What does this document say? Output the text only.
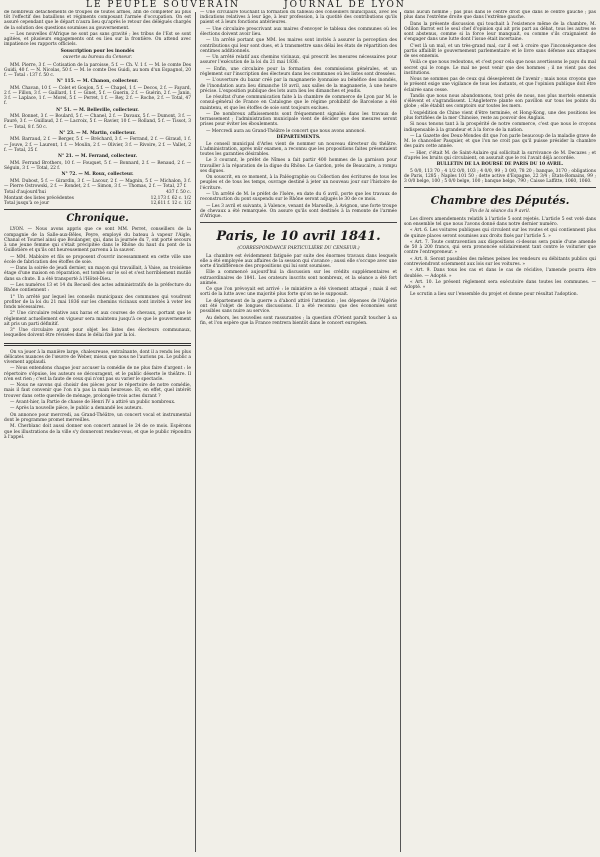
LE PEUPLE SOUVERAIN	JOURNAL DE LYON

de nombreux détachements de troupes de toutes armes, afin de compléter au plus tôt l'effectif des bataillons et régiments composant l'armée d'occupation. On est assuré cependant que le départ n'aura lieu qu'après le retour des délégués chargés de la solution des questions soumises au gouvernement.

— Les nouvelles d'Afrique ne sont pas sans gravité ; les tribus de l'Est se sont agitées, et plusieurs engagements ont eu lieu sur la frontière. On attend avec impatience les rapports officiels.

Souscription pour les inondés
ouverte au bureau du Censeur.

MM. Pierre, 3 f. — Cotisation de la paroisse, 5 f. — Ch. V. 1 f. — M. le comte Des Guidi, 40 f. — N. Nicolas, 50 f. — M. le comte Des Guidi, au nom d'un Espagnol, 20 f. — Total : 137 f. 50 c.

N° 115. — M. Chanon, collecteur.

MM. Chavan, 10 f. — Colet et Goujon, 5 f. — Chapel, 1 f. — Decos, 2 f. — Fayard, 2 f. — Fillon, 3 f. — Gaillard, 1 f. — Ginet, 5 f. — Guerin, 2 f. — Guérin, 2 f. — Janin, 3 f. — Laplace, 1 f. — Morel, 5 f. — Perret, 1 f. — Rey, 2 f. — Roche, 2 f. — Total, 47 f.

N° 51. — M. Belleville, collecteur.

MM. Bonnet, 3 f. — Boulard, 5 f. — Chanel, 2 f. — Davaux, 5 f. — Dumont, 3 f. — Fauré, 3 f. — Guillaud, 2 f. — Lacroix, 5 f. — Ravier, 10 f. — Rolland, 5 f. — Tissot, 3 f. — Total, 8 f. 50 c.

N° 23. — M. Martin, collecteur.

MM. Barraud, 2 f. — Berger, 5 f. — Bréchard, 3 f. — Ferrand, 2 f. — Giraud, 1 f. — Jouve, 2 f. — Laurent, 1 f. — Moulin, 2 f. — Olivier, 3 f. — Rivoire, 2 f. — Vallet, 2 f. — Total, 25 f.

N° 21. — M. Ferrand, collecteur.

MM. Ferrand Brothers, 10 f. — Fouquet, 5 f. — Bonnard, 2 f. — Renaud, 2 f. — Séguin, 3 f. — Total, 22 f.

N° 72. — M. Roux, collecteur.

MM. Dubost, 5 f. — Girardin, 3 f. — Lacour, 2 f. — Magnin, 5 f. — Michalon, 3 f. — Pierre Ostrowski, 2 f. — Rondet, 2 f. — Simon, 3 f. — Thomas, 2 f. — Total, 27 f.

Total d'aujourd'hui	437 f. 50 c.
Montant des listes précédentes	12,173 f. 62 c. 1/2
Total jusqu'à ce jour	12,611 f. 12 c. 1/2
Chronique.

LYON. — Nous avons appris que ce sont MM. Perret, conseillers de la compagnie de la Salle-aux-Bêles, Peyre, employé du bateau à vapeur l'Aigle, Chanal et Tournel ainsi que Boulanger, qui, dans la journée du 7, ont porté secours à une jeune femme qui s'était précipitée dans le Rhône du haut du pont de la Guillotière et qu'ils ont heureusement parvenu à la sauver.

— MM. Mabloire et fils se proposent d'ouvrir incessamment en cette ville une école de fabrication des étoffes de soie.

— Dans la soirée de jeudi dernier, un maçon qui travaillait, à Vaise, au troisième étage d'une maison en réparation, est tombé sur le sol et s'est horriblement mutilé dans sa chute. Il a été transporté à l'Hôtel-Dieu.

— Les numéros 13 et 14 du Recueil des actes administratifs de la préfecture du Rhône contiennent :

1° Un arrêté par lequel les conseils municipaux des communes qui voudront profiter de la loi du 21 mai 1836 sur les chemins vicinaux sont invités à voter les fonds nécessaires.

2° Une circulaire relative aux haras et aux courses de chevaux, portant que le règlement actuellement en vigueur sera maintenu jusqu'à ce que le gouvernement ait pris un parti définitif.

3° Une circulaire ayant pour objet les listes des électeurs communaux, lesquelles doivent être révisées dans le délai fixé par la loi.

On va jouer à la manière large, chaleureuse, entraînante, dont il a rendu les plus délicates nuances de l'œuvre de Weber, mieux que nous ne l'aurions pu. Le public a vivement applaudi.

— Nous entendons chaque jour accuser la comédie de ne plus faire d'argent : le répertoire s'épuise, les auteurs se découragent, et le public déserte le théâtre. Il n'en est rien ; c'est la faute de ceux qui n'ont pas su varier le spectacle.

— Nous ne savons qui choisir des pièces pour le répertoire de notre comédie, mais il faut convenir que l'on n'a pas la main heureuse. Et, en effet, quel intérêt trouver dans cette querelle de ménage, prolongée trois actes durant ?

— Avant-hier, la Partie de chasse de Henri IV a attiré un public nombreux.

— Après la nouvelle pièce, le public a demandé les auteurs.

On annonce pour mercredi, au Grand-Théâtre, un concert vocal et instrumental dont le programme promet merveilles.

M. Cherblanc doit aussi donner son concert annuel le 24 de ce mois. Espérons que les illustrations de la ville s'y donneront rendez-vous, et que le public répondra à l'appel.

— Une circulaire touchant la formation du tableau des conseillers municipaux, avec les indications relatives à leur âge, à leur profession, à la quotité des contributions qu'ils paient et à leurs fonctions antérieures.

— Une circulaire prescrivant aux maires d'envoyer le tableau des communes où les élections doivent avoir lieu.

— Un arrêté portant que MM. les maires sont invités à assurer la perception des contributions qui leur sont dues, et à transmettre sans délai les états de répartition des centimes additionnels.

— Un arrêté relatif aux chemins vicinaux, qui prescrit les mesures nécessaires pour assurer l'exécution de la loi du 21 mai 1836.

— Enfin, une circulaire pour la formation des commissions générales, et un règlement sur l'inscription des électeurs dans les communes où les listes sont dressées.

— L'ouverture du bazar créé par la magnanerie lyonnaise au bénéfice des inondés, de l'inondation aura lieu dimanche 18 avril, aux salles de la magnanerie, à une heure précise. L'exposition publique des lots aura lieu les dimanches et jeudis.

Le résultat d'une communication faite à la chambre de commerce de Lyon par M. le consul-général de France en Catalogne que le régime prohibitif de Barcelone a été maintenu, et que les étoffes de soie sont toujours exclues.

— De nombreux affaissements sont fréquemment signalés dans les travaux de terrassement ; l'administration municipale vient de décider que des mesures seront prises pour éviter les éboulements.

— Mercredi aura au Grand-Théâtre le concert que nous avons annoncé.

DÉPARTEMENTS.

Le conseil municipal d'Arles vient de nommer un nouveau directeur du théâtre. L'administration, après mûr examen, a reconnu que les propositions faites présentaient toutes les garanties désirables.

Le 3 courant, le préfet de Nîmes a fait partir 400 hommes de la garnison pour travailler à la réparation de la digue du Rhône. Le Gardon, près de Beaucaire, a rompu ses digues.

On souscrit, en ce moment, à la Paléographie ou Collection des écritures de tous les peuples et de tous les temps, ouvrage destiné à jeter un nouveau jour sur l'histoire de l'écriture.

— Un arrêté de M. le préfet de l'Isère, en date du 6 avril, porte que les travaux de reconstruction du pont suspendu sur le Rhône seront adjugés le 30 de ce mois.

— Les 3 avril et suivants, à Valence, venant de Marseille, à Avignon, une forte troupe de chevaux a été remarquée. On assure qu'ils sont destinés à la remonte de l'armée d'Afrique.

Paris, le 10 avril 1841.
(CORRESPONDANCE PARTICULIÈRE DU CENSEUR.)

La chambre est évidemment fatiguée par suite des énormes travaux dans lesquels elle a été employée aux affaires de la session qui s'avance ; aussi elle s'occupe avec une sorte d'indifférence des propositions qui lui sont soumises.

Elle a commencé aujourd'hui la discussion sur les crédits supplémentaires et extraordinaires de 1841. Les orateurs inscrits sont nombreux, et la séance a été fort animée.

Ce que l'on prévoyait est arrivé : le ministère a été vivement attaqué ; mais il est sorti de la lutte avec une majorité plus forte qu'on ne le supposait.

Le département de la guerre a d'abord attiré l'attention ; les dépenses de l'Algérie ont été l'objet de longues discussions. Il a été reconnu que des économies sont possibles sans nuire au service.

Au dehors, les nouvelles sont rassurantes ; la question d'Orient paraît toucher à sa fin, et l'on espère que la France rentrera bientôt dans le concert européen.

dans aucun homme ; pas plus dans le centre droit que dans le centre gauche ; pas plus dans l'extrême droite que dans l'extrême gauche.

Dans la présente discussion qui touchait à l'existence même de la chambre, M. Odilon Barrot est le seul chef d'opinion qui ait pris part au débat, tous les autres se sont abstenus, comme si la force leur manquait, ou comme s'ils craignaient de s'engager dans une lutte dont l'issue était incertaine.

C'est là un mal, et un très-grand mal, car il est à croire que l'inconséquence des partis affaiblit le gouvernement parlementaire et le livre sans défense aux attaques de ses ennemis.

Voilà ce que nous redoutons, et c'est pour cela que nous avertissons le pays du mal secret qui le ronge. Le mal ne peut venir que des hommes ; il ne vient pas des institutions.

Nous ne sommes pas de ceux qui désespèrent de l'avenir ; mais nous croyons que le présent exige une vigilance de tous les instants, et que l'opinion publique doit être éclairée sans cesse.

Tandis que nous nous abandonnons, tout près de nous, nos plus mortels ennemis s'élèvent et s'agrandissent. L'Angleterre plante son pavillon sur tous les points du globe ; elle établit ses comptoirs sur toutes les mers.

L'expédition de Chine vient d'être terminée, et Hong-Kong, une des positions les plus fortifiées de la mer Chinoise, reste au pouvoir des Anglais.

Si nous tenons tant à la prospérité de notre commerce, c'est que nous le croyons indispensable à la grandeur et à la force de la nation.

— La Gazette des Deux-Mondes dit que l'on parle beaucoup de la maladie grave de M. le chancelier Pasquier, et que l'on ne croit pas qu'il puisse présider la chambre des pairs cette année.

— Hier, c'était M. de Saint-Aulaire qui sollicitait la survivance de M. Decazes ; et d'après les bruits qui circulaient, on assurait que le roi l'avait déjà accordée.

BULLETIN DE LA BOURSE DE PARIS DU 10 AVRIL.

5 0/0, 113 70 ; 4 1/2 0/0, 103 ; 4 0/0, 99 ; 3 0/0, 78 20 ; banque, 3170 ; obligations de Paris, 1285 ; Naples 101 50 ; dette active d'Espagne, 22 3/4 ; États-Romains, 99 ; 3 0/0 belge, 100 ; 5 0/0 belge, 100 ; banque belge, 790 ; Caisse Laffitte, 1060, 1060.

Chambre des Députés.
Fin de la séance du 9 avril.

Les divers amendements relatifs à l'article 5 sont rejetés. L'article 5 est voté dans son ensemble tel que nous l'avons donné dans notre dernier numéro.

« Art. 6. Les voitures publiques qui circulent sur les routes et qui contiennent plus de quinze places seront soumises aux droits fixés par l'article 5. »

« Art. 7. Toute contravention aux dispositions ci-dessus sera punie d'une amende de 50 à 200 francs, qui sera prononcée solidairement tant contre le voiturier que contre l'entrepreneur. »

« Art. 8. Seront passibles des mêmes peines les vendeurs ou débitants publics qui contreviendront sciemment aux lois sur les voitures. »

« Art. 9. Dans tous les cas et dans le cas de récidive, l'amende pourra être doublée. — Adopté. »

« Art. 10. Le présent règlement sera exécutoire dans toutes les communes. — Adopté. »

Le scrutin a lieu sur l'ensemble du projet et donne pour résultat l'adoption.
